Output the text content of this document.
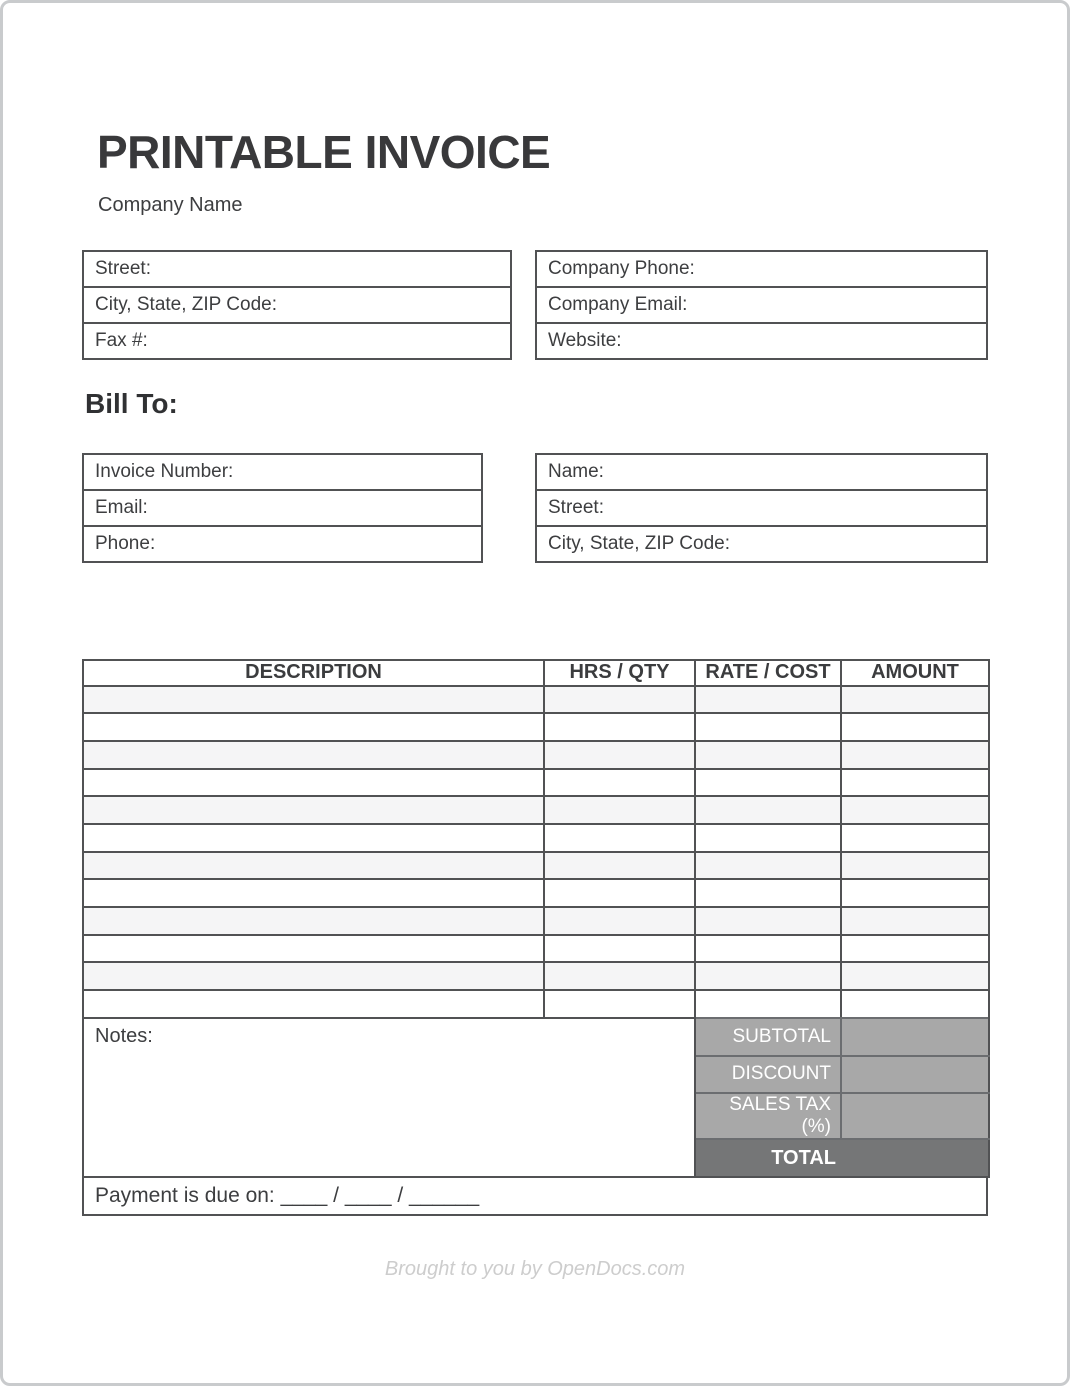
PRINTABLE INVOICE
Company Name
Street:
City, State, ZIP Code:
Fax #:
Company Phone:
Company Email:
Website:
Bill To:
Invoice Number:
Email:
Phone:
Name:
Street:
City, State, ZIP Code:
DESCRIPTION	HRS / QTY	RATE / COST	AMOUNT

Notes:	SUBTOTAL	
	DISCOUNT	
	SALES TAX (%)	
	TOTAL	
Payment is due on: ____ / ____ / ______
Brought to you by OpenDocs.com
